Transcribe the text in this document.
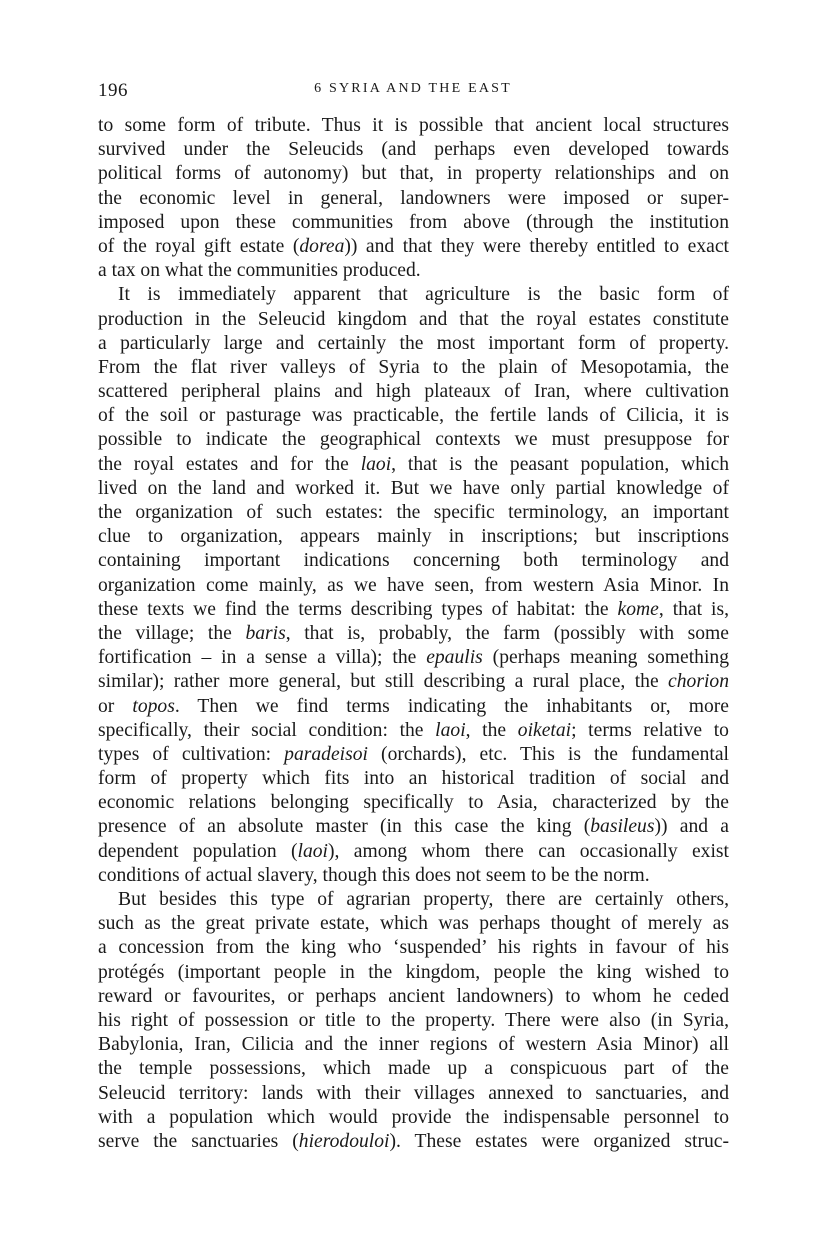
196	6 SYRIA AND THE EAST
to some form of tribute. Thus it is possible that ancient local structures
survived under the Seleucids (and perhaps even developed towards
political forms of autonomy) but that, in property relationships and on
the economic level in general, landowners were imposed or super-
imposed upon these communities from above (through the institution
of the royal gift estate (dorea)) and that they were thereby entitled to exact
a tax on what the communities produced.
It is immediately apparent that agriculture is the basic form of
production in the Seleucid kingdom and that the royal estates constitute
a particularly large and certainly the most important form of property.
From the flat river valleys of Syria to the plain of Mesopotamia, the
scattered peripheral plains and high plateaux of Iran, where cultivation
of the soil or pasturage was practicable, the fertile lands of Cilicia, it is
possible to indicate the geographical contexts we must presuppose for
the royal estates and for the laoi, that is the peasant population, which
lived on the land and worked it. But we have only partial knowledge of
the organization of such estates: the specific terminology, an important
clue to organization, appears mainly in inscriptions; but inscriptions
containing important indications concerning both terminology and
organization come mainly, as we have seen, from western Asia Minor. In
these texts we find the terms describing types of habitat: the kome, that is,
the village; the baris, that is, probably, the farm (possibly with some
fortification – in a sense a villa); the epaulis (perhaps meaning something
similar); rather more general, but still describing a rural place, the chorion
or topos. Then we find terms indicating the inhabitants or, more
specifically, their social condition: the laoi, the oiketai; terms relative to
types of cultivation: paradeisoi (orchards), etc. This is the fundamental
form of property which fits into an historical tradition of social and
economic relations belonging specifically to Asia, characterized by the
presence of an absolute master (in this case the king (basileus)) and a
dependent population (laoi), among whom there can occasionally exist
conditions of actual slavery, though this does not seem to be the norm.
But besides this type of agrarian property, there are certainly others,
such as the great private estate, which was perhaps thought of merely as
a concession from the king who ‘suspended’ his rights in favour of his
protégés (important people in the kingdom, people the king wished to
reward or favourites, or perhaps ancient landowners) to whom he ceded
his right of possession or title to the property. There were also (in Syria,
Babylonia, Iran, Cilicia and the inner regions of western Asia Minor) all
the temple possessions, which made up a conspicuous part of the
Seleucid territory: lands with their villages annexed to sanctuaries, and
with a population which would provide the indispensable personnel to
serve the sanctuaries (hierodouloi). These estates were organized struc-
